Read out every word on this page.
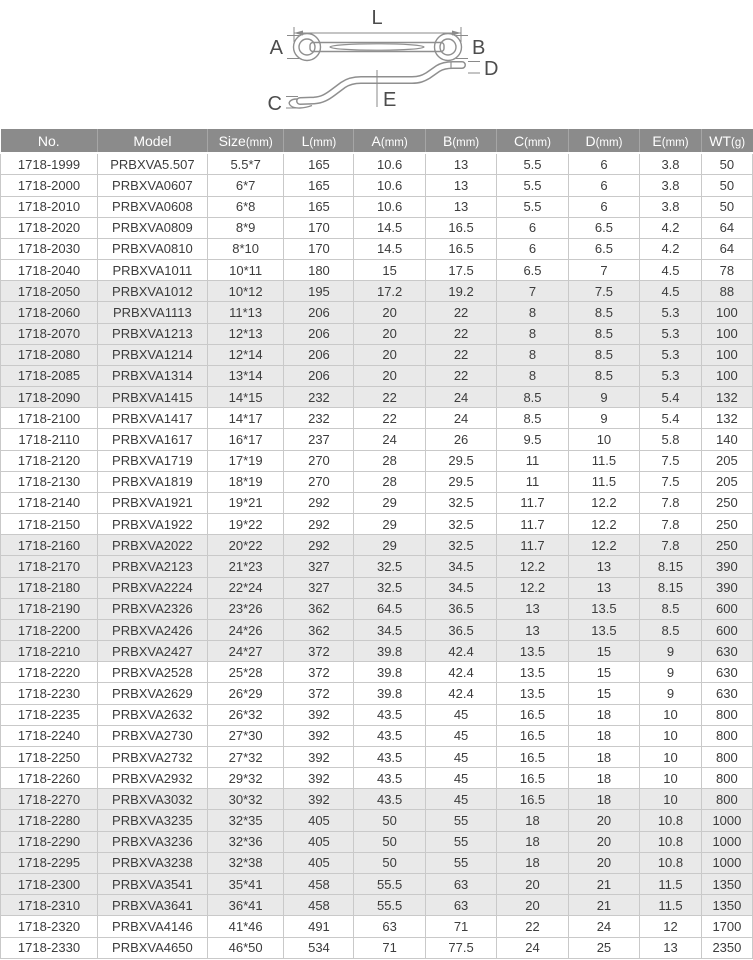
L
A	B
C
D
E
No.	Model	Size(mm)	L(mm)	A(mm)	B(mm)	C(mm)	D(mm)	E(mm)	WT(g)
1718-1999	PRBXVA5.507	5.5*7	165	10.6	13	5.5	6	3.8	50
1718-2000	PRBXVA0607	6*7	165	10.6	13	5.5	6	3.8	50
1718-2010	PRBXVA0608	6*8	165	10.6	13	5.5	6	3.8	50
1718-2020	PRBXVA0809	8*9	170	14.5	16.5	6	6.5	4.2	64
1718-2030	PRBXVA0810	8*10	170	14.5	16.5	6	6.5	4.2	64
1718-2040	PRBXVA1011	10*11	180	15	17.5	6.5	7	4.5	78
1718-2050	PRBXVA1012	10*12	195	17.2	19.2	7	7.5	4.5	88
1718-2060	PRBXVA1113	11*13	206	20	22	8	8.5	5.3	100
1718-2070	PRBXVA1213	12*13	206	20	22	8	8.5	5.3	100
1718-2080	PRBXVA1214	12*14	206	20	22	8	8.5	5.3	100
1718-2085	PRBXVA1314	13*14	206	20	22	8	8.5	5.3	100
1718-2090	PRBXVA1415	14*15	232	22	24	8.5	9	5.4	132
1718-2100	PRBXVA1417	14*17	232	22	24	8.5	9	5.4	132
1718-2110	PRBXVA1617	16*17	237	24	26	9.5	10	5.8	140
1718-2120	PRBXVA1719	17*19	270	28	29.5	11	11.5	7.5	205
1718-2130	PRBXVA1819	18*19	270	28	29.5	11	11.5	7.5	205
1718-2140	PRBXVA1921	19*21	292	29	32.5	11.7	12.2	7.8	250
1718-2150	PRBXVA1922	19*22	292	29	32.5	11.7	12.2	7.8	250
1718-2160	PRBXVA2022	20*22	292	29	32.5	11.7	12.2	7.8	250
1718-2170	PRBXVA2123	21*23	327	32.5	34.5	12.2	13	8.15	390
1718-2180	PRBXVA2224	22*24	327	32.5	34.5	12.2	13	8.15	390
1718-2190	PRBXVA2326	23*26	362	64.5	36.5	13	13.5	8.5	600
1718-2200	PRBXVA2426	24*26	362	34.5	36.5	13	13.5	8.5	600
1718-2210	PRBXVA2427	24*27	372	39.8	42.4	13.5	15	9	630
1718-2220	PRBXVA2528	25*28	372	39.8	42.4	13.5	15	9	630
1718-2230	PRBXVA2629	26*29	372	39.8	42.4	13.5	15	9	630
1718-2235	PRBXVA2632	26*32	392	43.5	45	16.5	18	10	800
1718-2240	PRBXVA2730	27*30	392	43.5	45	16.5	18	10	800
1718-2250	PRBXVA2732	27*32	392	43.5	45	16.5	18	10	800
1718-2260	PRBXVA2932	29*32	392	43.5	45	16.5	18	10	800
1718-2270	PRBXVA3032	30*32	392	43.5	45	16.5	18	10	800
1718-2280	PRBXVA3235	32*35	405	50	55	18	20	10.8	1000
1718-2290	PRBXVA3236	32*36	405	50	55	18	20	10.8	1000
1718-2295	PRBXVA3238	32*38	405	50	55	18	20	10.8	1000
1718-2300	PRBXVA3541	35*41	458	55.5	63	20	21	11.5	1350
1718-2310	PRBXVA3641	36*41	458	55.5	63	20	21	11.5	1350
1718-2320	PRBXVA4146	41*46	491	63	71	22	24	12	1700
1718-2330	PRBXVA4650	46*50	534	71	77.5	24	25	13	2350
